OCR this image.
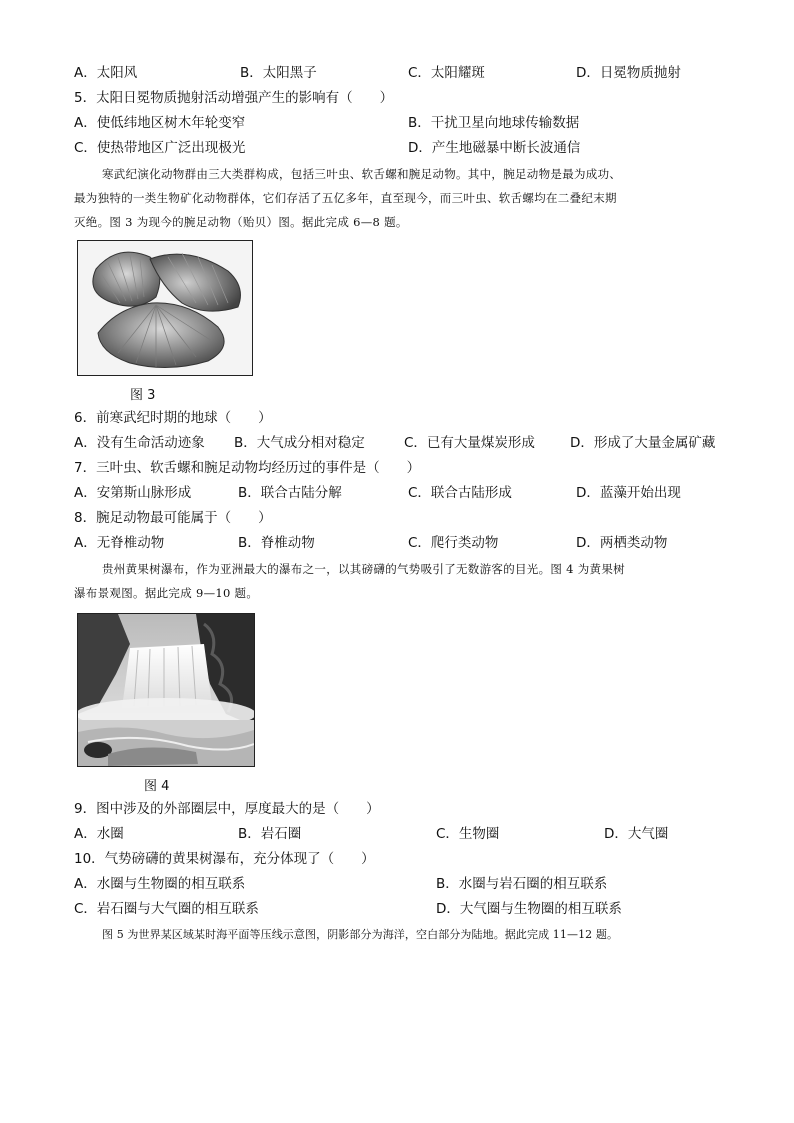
A．太阳风	B．太阳黑子	C．太阳耀斑	D．日冕物质抛射
5．太阳日冕物质抛射活动增强产生的影响有（　　）
A．使低纬地区树木年轮变窄	B．干扰卫星向地球传输数据
C．使热带地区广泛出现极光	D．产生地磁暴中断长波通信
寒武纪演化动物群由三大类群构成，包括三叶虫、软舌螺和腕足动物。其中，腕足动物是最为成功、
最为独特的一类生物矿化动物群体，它们存活了五亿多年，直至现今，而三叶虫、软舌螺均在二叠纪末期
灭绝。图 3 为现今的腕足动物（贻贝）图。据此完成 6—8 题。
图 3
6．前寒武纪时期的地球（　　）
A．没有生命活动迹象 B．大气成分相对稳定	C．已有大量煤炭形成	D．形成了大量金属矿藏
7．三叶虫、软舌螺和腕足动物均经历过的事件是（　　）
A．安第斯山脉形成	B．联合古陆分解	C．联合古陆形成	D．蓝藻开始出现
8．腕足动物最可能属于（　　）
A．无脊椎动物	B．脊椎动物	C．爬行类动物	D．两栖类动物
贵州黄果树瀑布，作为亚洲最大的瀑布之一，以其磅礴的气势吸引了无数游客的目光。图 4 为黄果树
瀑布景观图。据此完成 9—10 题。
图 4
9．图中涉及的外部圈层中，厚度最大的是（　　）
A．水圈	B．岩石圈	C．生物圈	D．大气圈
10．气势磅礴的黄果树瀑布，充分体现了（　　）
A．水圈与生物圈的相互联系	B．水圈与岩石圈的相互联系
C．岩石圈与大气圈的相互联系	D．大气圈与生物圈的相互联系
图 5 为世界某区域某时海平面等压线示意图，阴影部分为海洋，空白部分为陆地。据此完成 11—12 题。
